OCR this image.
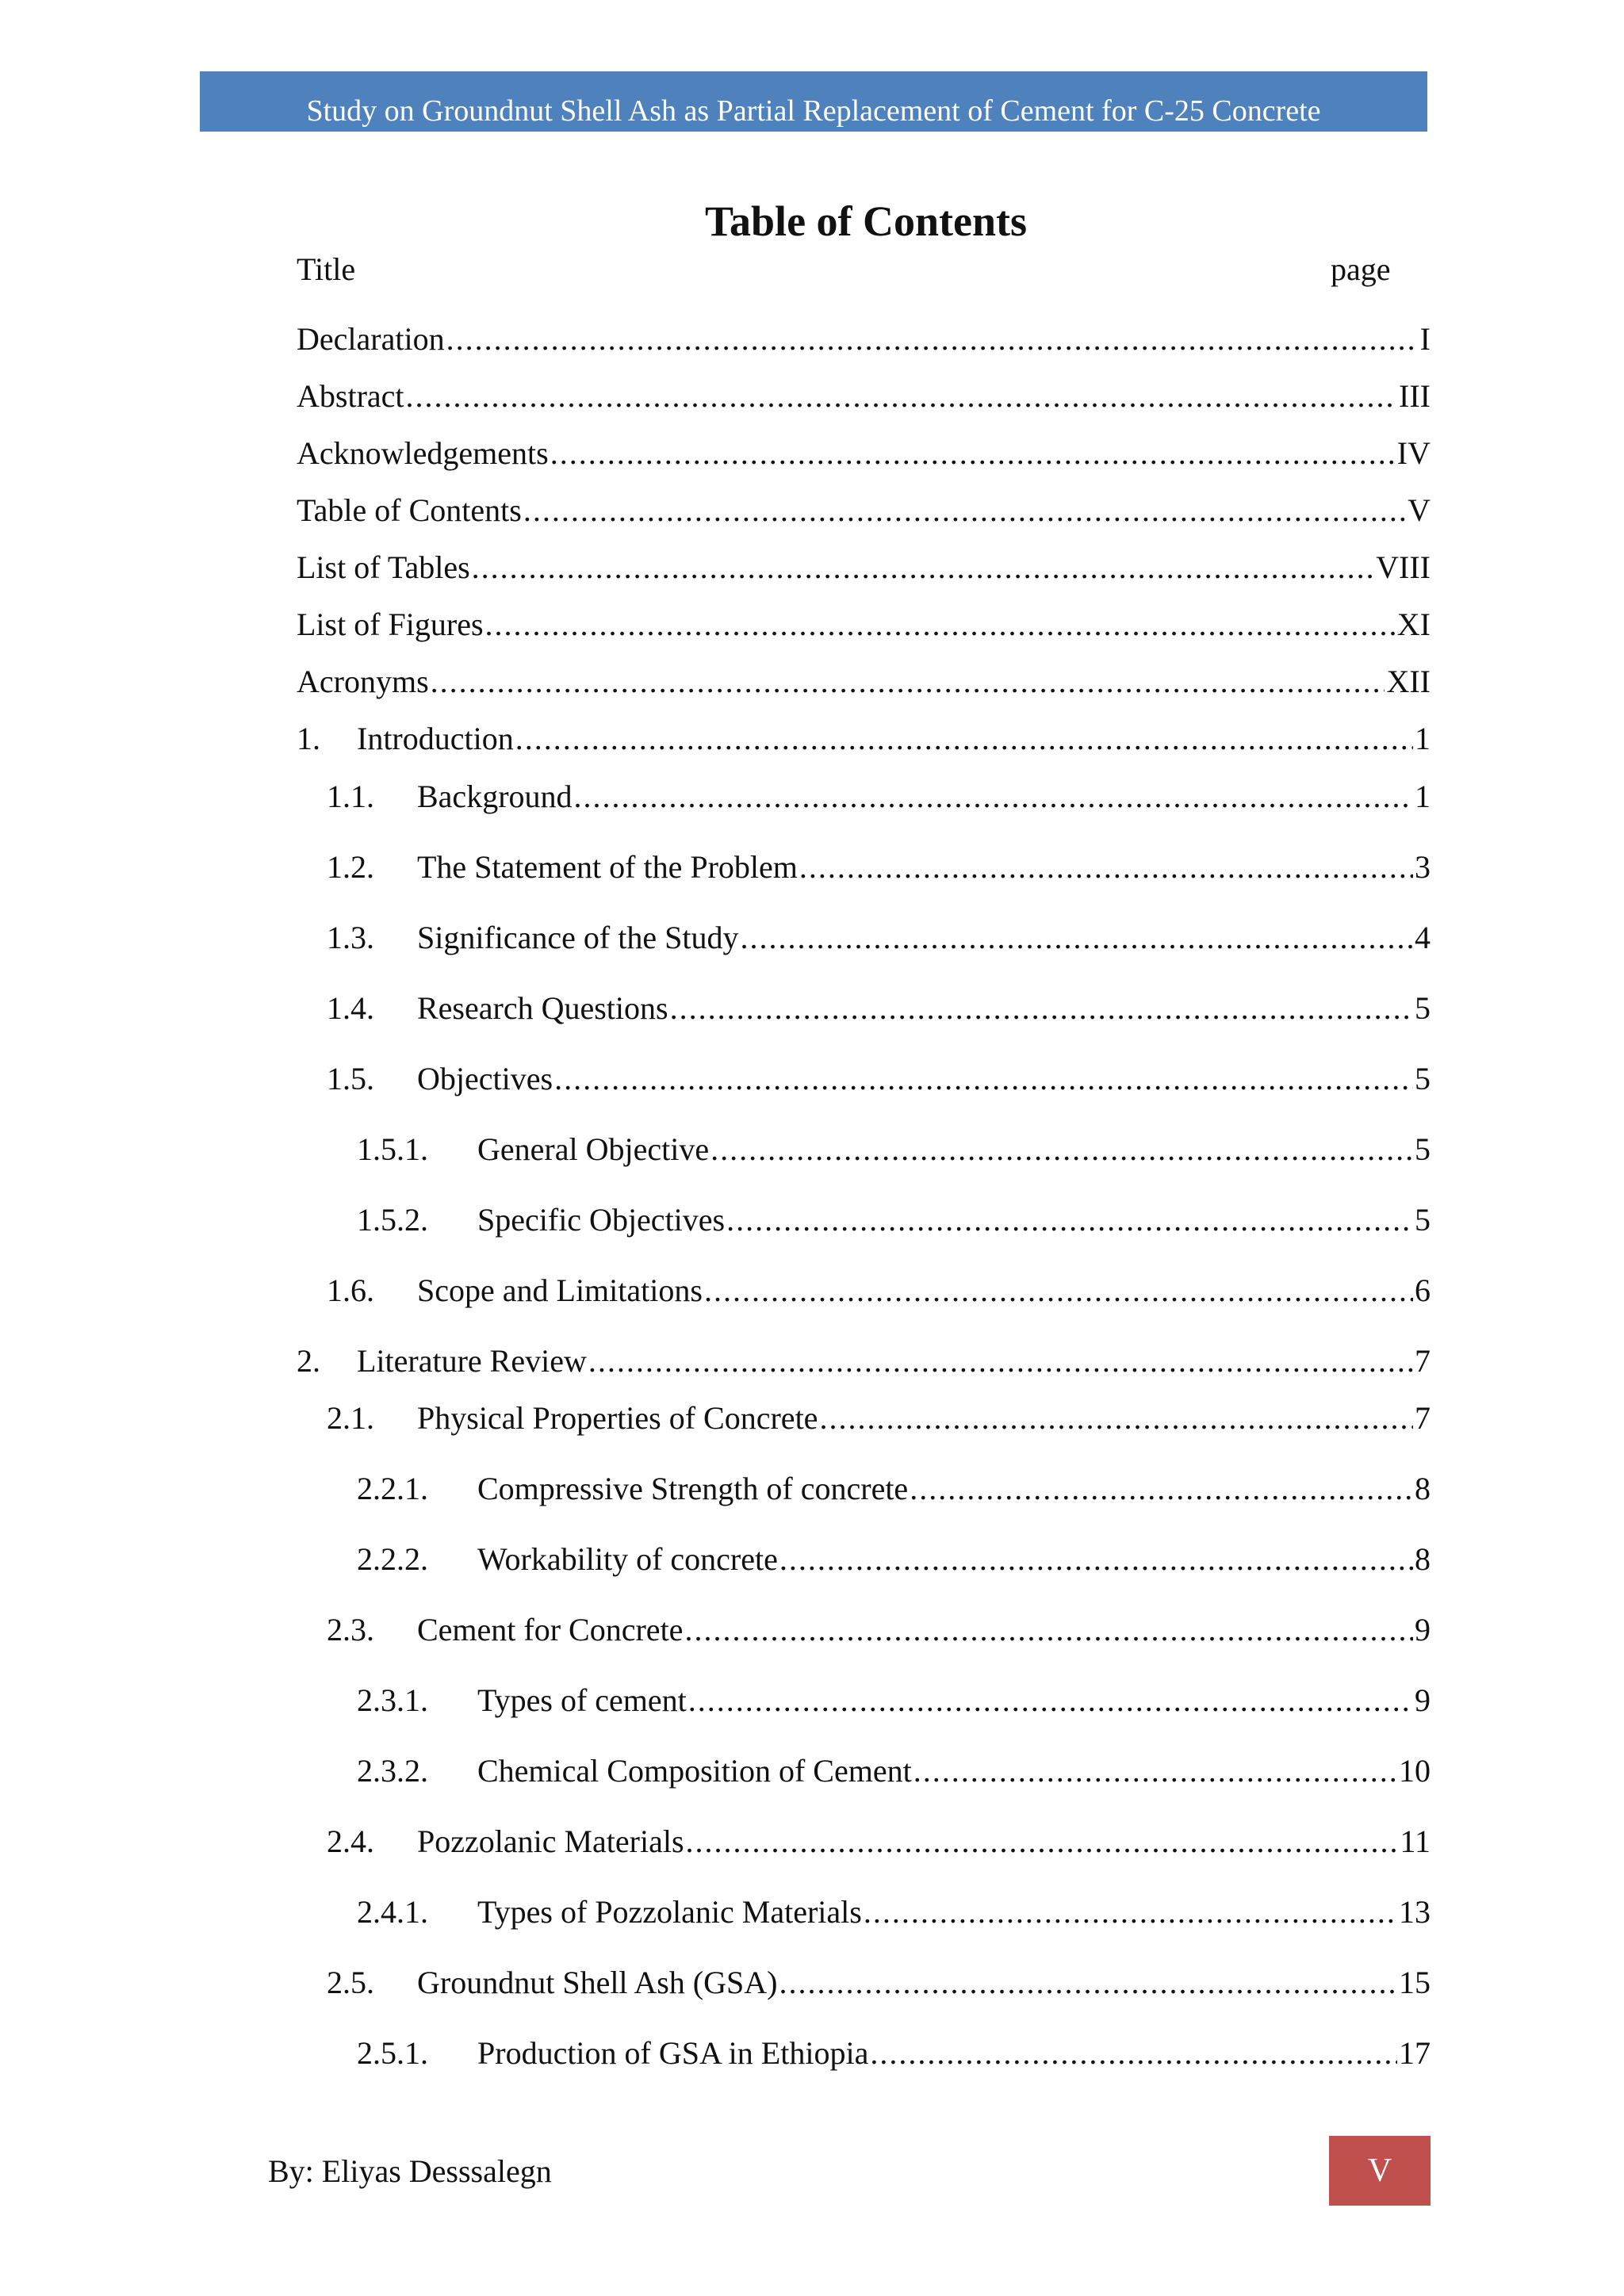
Study on Groundnut Shell Ash as Partial Replacement of Cement for C-25 Concrete
Table of Contents
Title	page
Declaration .....	I
Abstract .....	III
Acknowledgements .....	IV
Table of Contents .....	V
List of Tables .....	VIII
List of Figures .....	XI
Acronyms .....	XII
1.	Introduction .....	1
1.1.	Background .....	1
1.2.	The Statement of the Problem .....	3
1.3.	Significance of the Study .....	4
1.4.	Research Questions .....	5
1.5.	Objectives .....	5
1.5.1.	General Objective .....	5
1.5.2.	Specific Objectives .....	5
1.6.	Scope and Limitations .....	6
2.	Literature Review .....	7
2.1.	Physical Properties of Concrete .....	7
2.2.1.	Compressive Strength of concrete .....	8
2.2.2.	Workability of concrete .....	8
2.3.	Cement for Concrete .....	9
2.3.1.	Types of cement .....	9
2.3.2.	Chemical Composition of Cement .....	10
2.4.	Pozzolanic Materials .....	11
2.4.1.	Types of Pozzolanic Materials .....	13
2.5.	Groundnut Shell Ash (GSA) .....	15
2.5.1.	Production of GSA in Ethiopia .....	17
By: Eliyas Desssalegn	V
